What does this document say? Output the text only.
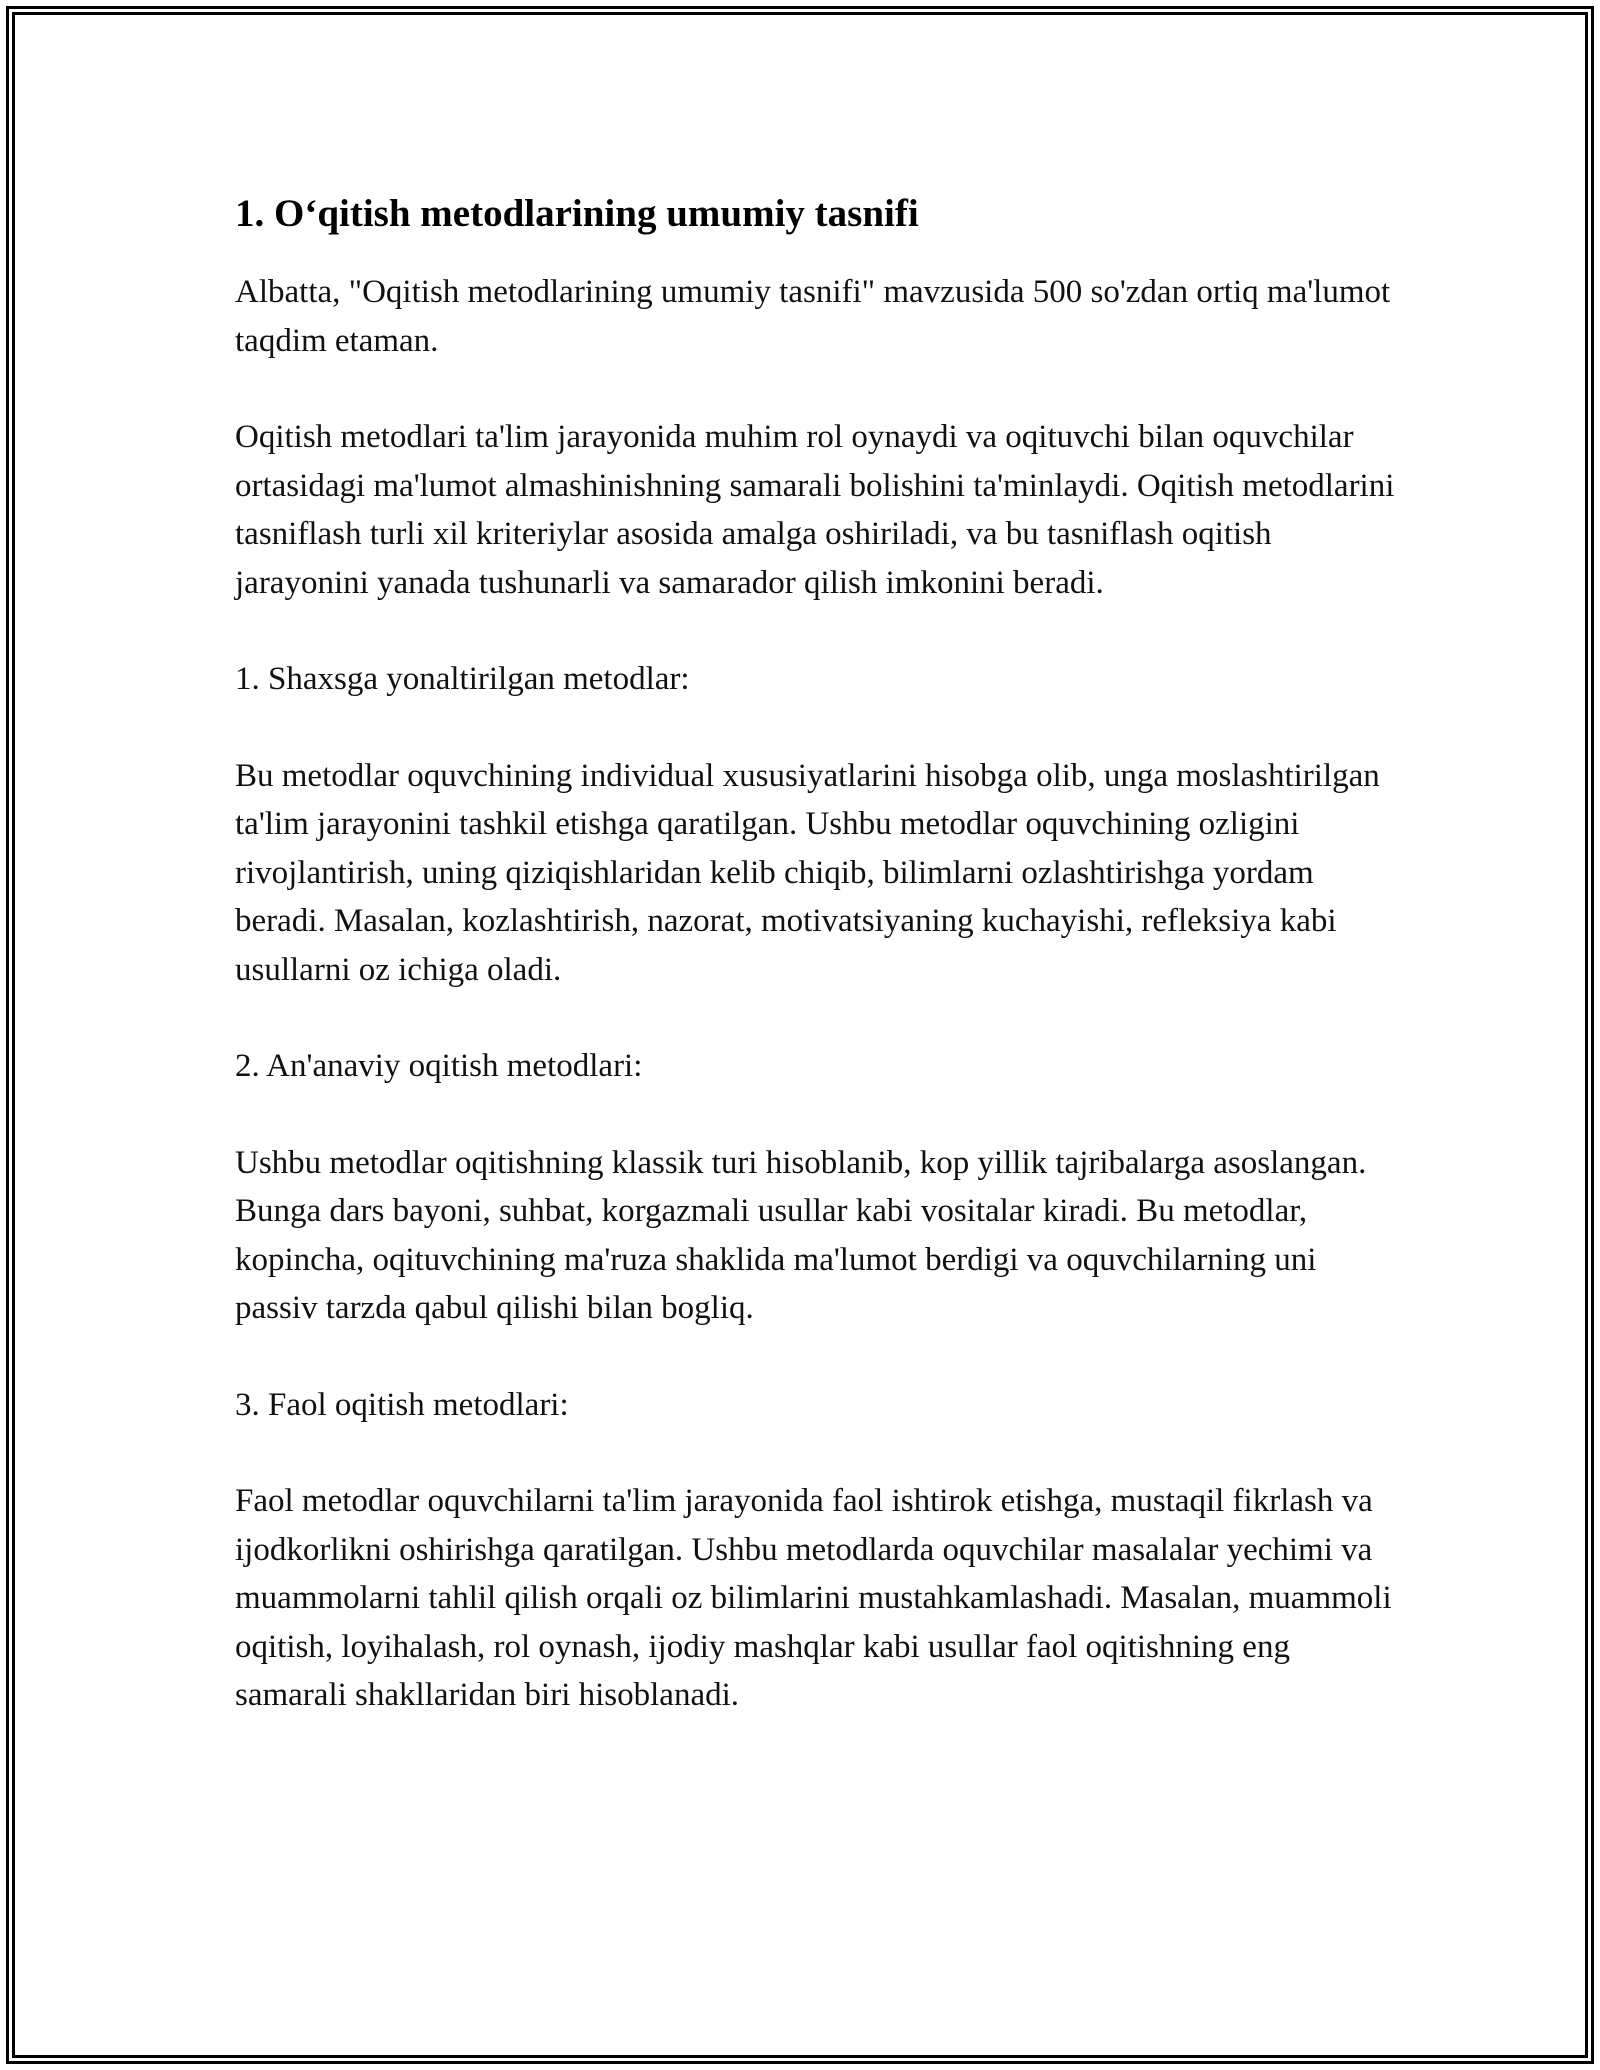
1. O‘qitish metodlarining umumiy tasnifi

Albatta, "Oqitish metodlarining umumiy tasnifi" mavzusida 500 so'zdan ortiq ma'lumot taqdim etaman.

Oqitish metodlari ta'lim jarayonida muhim rol oynaydi va oqituvchi bilan oquvchilar ortasidagi ma'lumot almashinishning samarali bolishini ta'minlaydi. Oqitish metodlarini tasniflash turli xil kriteriylar asosida amalga oshiriladi, va bu tasniflash oqitish jarayonini yanada tushunarli va samarador qilish imkonini beradi.

1. Shaxsga yonaltirilgan metodlar:

Bu metodlar oquvchining individual xususiyatlarini hisobga olib, unga moslashtirilgan ta'lim jarayonini tashkil etishga qaratilgan. Ushbu metodlar oquvchining ozligini rivojlantirish, uning qiziqishlaridan kelib chiqib, bilimlarni ozlashtirishga yordam beradi. Masalan, kozlashtirish, nazorat, motivatsiyaning kuchayishi, refleksiya kabi usullarni oz ichiga oladi.

2. An'anaviy oqitish metodlari:

Ushbu metodlar oqitishning klassik turi hisoblanib, kop yillik tajribalarga asoslangan. Bunga dars bayoni, suhbat, korgazmali usullar kabi vositalar kiradi. Bu metodlar, kopincha, oqituvchining ma'ruza shaklida ma'lumot berdigi va oquvchilarning uni passiv tarzda qabul qilishi bilan bogliq.

3. Faol oqitish metodlari:

Faol metodlar oquvchilarni ta'lim jarayonida faol ishtirok etishga, mustaqil fikrlash va ijodkorlikni oshirishga qaratilgan. Ushbu metodlarda oquvchilar masalalar yechimi va muammolarni tahlil qilish orqali oz bilimlarini mustahkamlashadi. Masalan, muammoli oqitish, loyihalash, rol oynash, ijodiy mashqlar kabi usullar faol oqitishning eng samarali shakllaridan biri hisoblanadi.
